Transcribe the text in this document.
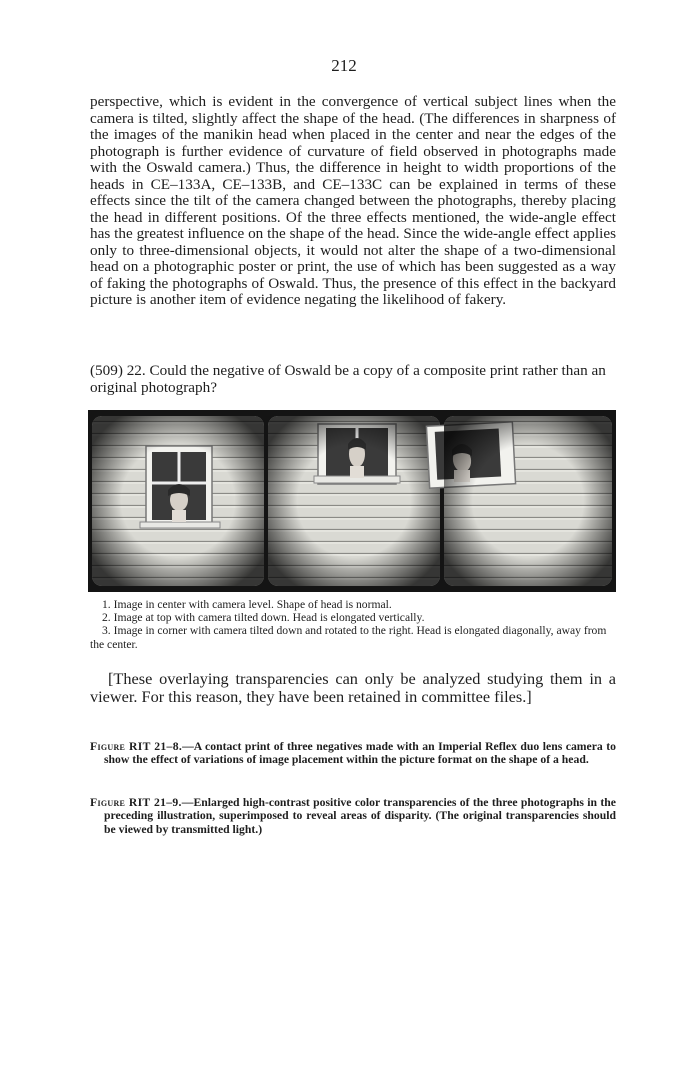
212

perspective, which is evident in the convergence of vertical subject lines when the camera is tilted, slightly affect the shape of the head. (The differences in sharpness of the images of the manikin head when placed in the center and near the edges of the photograph is further evidence of curvature of field observed in photographs made with the Oswald camera.) Thus, the difference in height to width proportions of the heads in CE–133A, CE–133B, and CE–133C can be explained in terms of these effects since the tilt of the camera changed between the photographs, thereby placing the head in different positions. Of the three effects mentioned, the wide-angle effect has the greatest influence on the shape of the head. Since the wide-angle effect applies only to three-dimensional objects, it would not alter the shape of a two-dimensional head on a photographic poster or print, the use of which has been suggested as a way of faking the photographs of Oswald. Thus, the presence of this effect in the backyard picture is another item of evidence negating the likelihood of fakery.

(509) 22. Could the negative of Oswald be a copy of a composite print rather than an original photograph?

1. Image in center with camera level. Shape of head is normal.

2. Image at top with camera tilted down. Head is elongated vertically.

3. Image in corner with camera tilted down and rotated to the right. Head is elongated diagonally, away from the center.

[These overlaying transparencies can only be analyzed studying them in a viewer. For this reason, they have been retained in committee files.]

Figure RIT 21–8.—A contact print of three negatives made with an Imperial Reflex duo lens camera to show the effect of variations of image placement within the picture format on the shape of a head.
Figure RIT 21–9.—Enlarged high-contrast positive color transparencies of the three photographs in the preceding illustration, superimposed to reveal areas of disparity. (The original transparencies should be viewed by transmitted light.)
